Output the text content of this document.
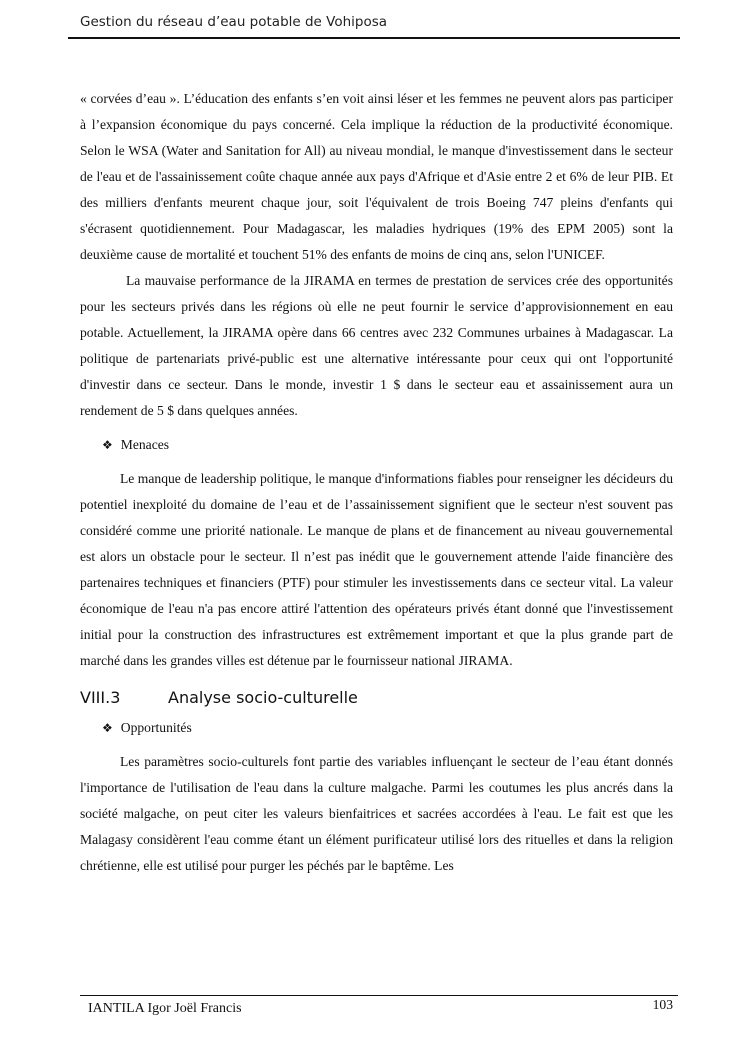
Gestion du réseau d’eau potable de Vohiposa

« corvées d’eau ». L’éducation des enfants s’en voit ainsi léser et les femmes ne peuvent alors pas participer à l’expansion économique du pays concerné. Cela implique la réduction de la productivité économique. Selon le WSA (Water and Sanitation for All) au niveau mondial, le manque d'investissement dans le secteur de l'eau et de l'assainissement coûte chaque année aux pays d'Afrique et d'Asie entre 2 et 6% de leur PIB. Et des milliers d'enfants meurent chaque jour, soit l'équivalent de trois Boeing 747 pleins d'enfants qui s'écrasent quotidiennement. Pour Madagascar, les maladies hydriques (19% des EPM 2005) sont la deuxième cause de mortalité et touchent 51% des enfants de moins de cinq ans, selon l'UNICEF.

La mauvaise performance de la JIRAMA en termes de prestation de services crée des opportunités pour les secteurs privés dans les régions où elle ne peut fournir le service d’approvisionnement en eau potable. Actuellement, la JIRAMA opère dans 66 centres avec 232 Communes urbaines à Madagascar. La politique de partenariats privé-public est une alternative intéressante pour ceux qui ont l'opportunité d'investir dans ce secteur. Dans le monde, investir 1 $ dans le secteur eau et assainissement aura un rendement de 5 $ dans quelques années.

❖ Menaces

Le manque de leadership politique, le manque d'informations fiables pour renseigner les décideurs du potentiel inexploité du domaine de l’eau et de l’assainissement signifient que le secteur n'est souvent pas considéré comme une priorité nationale. Le manque de plans et de financement au niveau gouvernemental est alors un obstacle pour le secteur. Il n’est pas inédit que le gouvernement attende l'aide financière des partenaires techniques et financiers (PTF) pour stimuler les investissements dans ce secteur vital. La valeur économique de l'eau n'a pas encore attiré l'attention des opérateurs privés étant donné que l'investissement initial pour la construction des infrastructures est extrêmement important et que la plus grande part de marché dans les grandes villes est détenue par le fournisseur national JIRAMA.

VIII.3	Analyse socio-culturelle
❖ Opportunités

Les paramètres socio-culturels font partie des variables influençant le secteur de l’eau étant donnés l'importance de l'utilisation de l'eau dans la culture malgache. Parmi les coutumes les plus ancrés dans la société malgache, on peut citer les valeurs bienfaitrices et sacrées accordées à l'eau. Le fait est que les Malagasy considèrent l'eau comme étant un élément purificateur utilisé lors des rituelles et dans la religion chrétienne, elle est utilisé pour purger les péchés par le baptême. Les

IANTILA Igor Joël Francis	103
